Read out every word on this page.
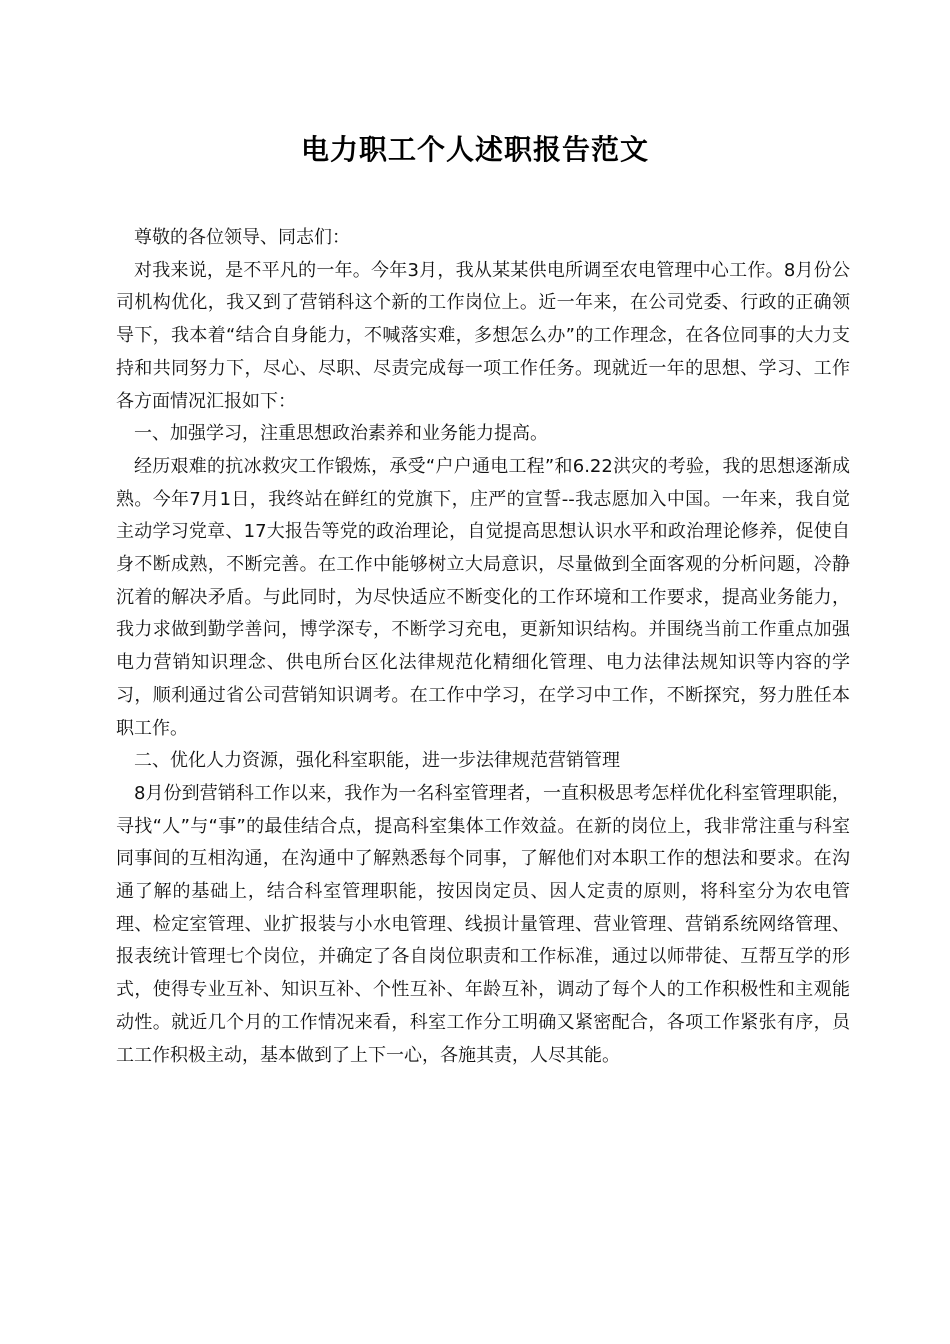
电力职工个人述职报告范文

尊敬的各位领导、同志们：

对我来说，是不平凡的一年。今年3月，我从某某供电所调至农电管理中心工作。8月份公司机构优化，我又到了营销科这个新的工作岗位上。近一年来，在公司党委、行政的正确领导下，我本着“结合自身能力，不喊落实难，多想怎么办”的工作理念，在各位同事的大力支持和共同努力下，尽心、尽职、尽责完成每一项工作任务。现就近一年的思想、学习、工作各方面情况汇报如下：

一、加强学习，注重思想政治素养和业务能力提高。

经历艰难的抗冰救灾工作锻炼，承受“户户通电工程”和6.22洪灾的考验，我的思想逐渐成熟。今年7月1日，我终站在鲜红的党旗下，庄严的宣誓--我志愿加入中国。一年来，我自觉主动学习党章、17大报告等党的政治理论，自觉提高思想认识水平和政治理论修养，促使自身不断成熟，不断完善。在工作中能够树立大局意识，尽量做到全面客观的分析问题，冷静沉着的解决矛盾。与此同时，为尽快适应不断变化的工作环境和工作要求，提高业务能力，我力求做到勤学善问，博学深专，不断学习充电，更新知识结构。并围绕当前工作重点加强电力营销知识理念、供电所台区化法律规范化精细化管理、电力法律法规知识等内容的学习，顺利通过省公司营销知识调考。在工作中学习，在学习中工作，不断探究，努力胜任本职工作。

二、优化人力资源，强化科室职能，进一步法律规范营销管理

8月份到营销科工作以来，我作为一名科室管理者，一直积极思考怎样优化科室管理职能，寻找“人”与“事”的最佳结合点，提高科室集体工作效益。在新的岗位上，我非常注重与科室同事间的互相沟通，在沟通中了解熟悉每个同事，了解他们对本职工作的想法和要求。在沟通了解的基础上，结合科室管理职能，按因岗定员、因人定责的原则，将科室分为农电管理、检定室管理、业扩报装与小水电管理、线损计量管理、营业管理、营销系统网络管理、报表统计管理七个岗位，并确定了各自岗位职责和工作标准，通过以师带徒、互帮互学的形式，使得专业互补、知识互补、个性互补、年龄互补，调动了每个人的工作积极性和主观能动性。就近几个月的工作情况来看，科室工作分工明确又紧密配合，各项工作紧张有序，员工工作积极主动，基本做到了上下一心，各施其责，人尽其能。
